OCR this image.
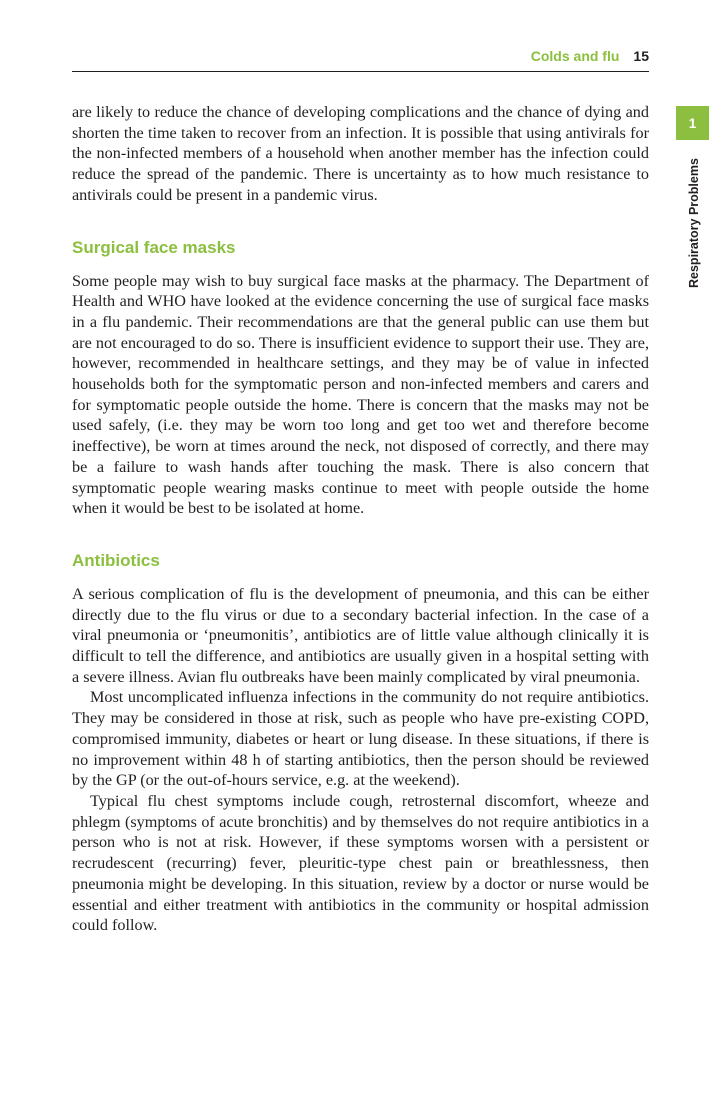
Colds and flu 15
1
Respiratory Problems

are likely to reduce the chance of developing complications and the chance of dying and shorten the time taken to recover from an infection. It is possible that using antivirals for the non-infected members of a household when another member has the infection could reduce the spread of the pandemic. There is uncertainty as to how much resistance to antivirals could be present in a pandemic virus.

Surgical face masks

Some people may wish to buy surgical face masks at the pharmacy. The Department of Health and WHO have looked at the evidence concerning the use of surgical face masks in a flu pandemic. Their recommendations are that the general public can use them but are not encouraged to do so. There is insufficient evidence to support their use. They are, however, recommended in healthcare settings, and they may be of value in infected households both for the symptomatic person and non-infected members and carers and for symptomatic people outside the home. There is concern that the masks may not be used safely, (i.e. they may be worn too long and get too wet and therefore become ineffective), be worn at times around the neck, not disposed of correctly, and there may be a failure to wash hands after touching the mask. There is also concern that symptomatic people wearing masks continue to meet with people outside the home when it would be best to be isolated at home.

Antibiotics

A serious complication of flu is the development of pneumonia, and this can be either directly due to the flu virus or due to a secondary bacterial infection. In the case of a viral pneumonia or ‘pneumonitis’, antibiotics are of little value although clinically it is difficult to tell the difference, and antibiotics are usually given in a hospital setting with a severe illness. Avian flu outbreaks have been mainly complicated by viral pneumonia.

Most uncomplicated influenza infections in the community do not require antibiotics. They may be considered in those at risk, such as people who have pre-existing COPD, compromised immunity, diabetes or heart or lung disease. In these situations, if there is no improvement within 48 h of starting antibiotics, then the person should be reviewed by the GP (or the out-of-hours service, e.g. at the weekend).

Typical flu chest symptoms include cough, retrosternal discomfort, wheeze and phlegm (symptoms of acute bronchitis) and by themselves do not require antibiotics in a person who is not at risk. However, if these symptoms worsen with a persistent or recrudescent (recurring) fever, pleuritic-type chest pain or breathlessness, then pneumonia might be developing. In this situation, review by a doctor or nurse would be essential and either treatment with antibiotics in the community or hospital admission could follow.
